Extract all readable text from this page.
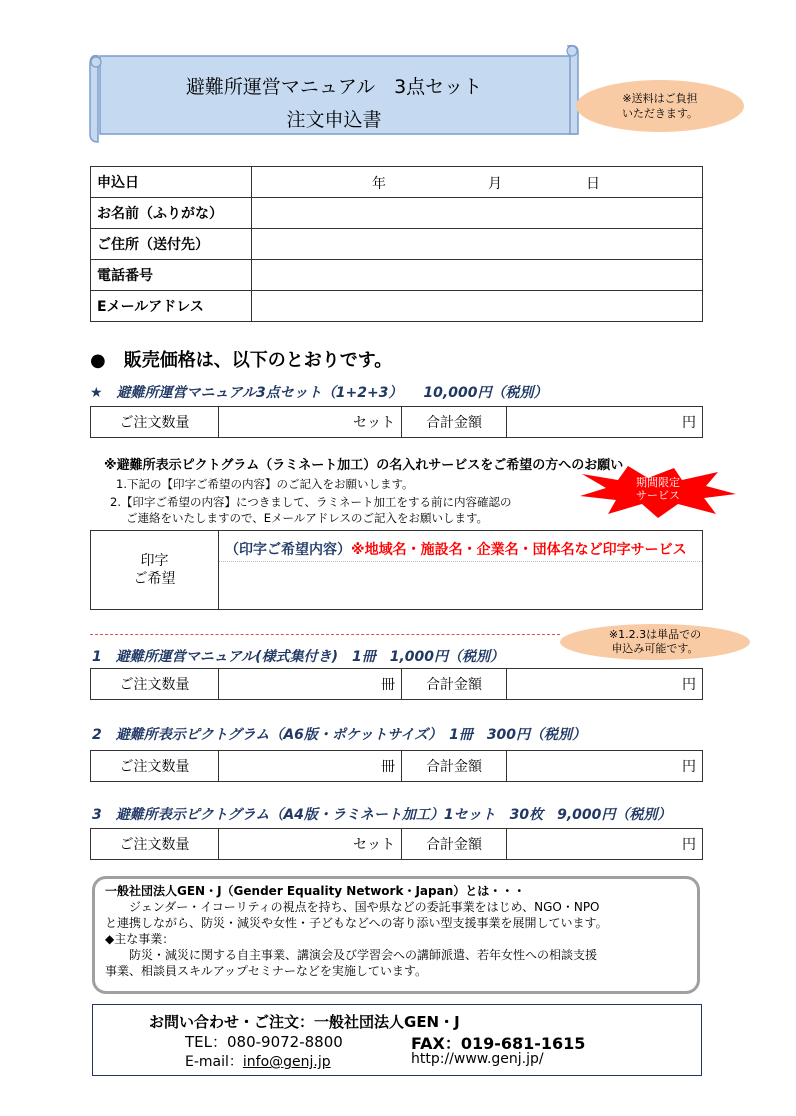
避難所運営マニュアル　3点セット
注文申込書
※送料はご負担
いただきます。
申込日	年 月 日

お名前（ふりがな）	
ご住所（送付先）	
電話番号	
Eメールアドレス	
●　販売価格は、以下のとおりです。
★　避難所運営マニュアル3点セット（1+2+3）　　10,000円（税別）
ご注文数量	セット	合計金額	円
※避難所表示ピクトグラム（ラミネート加工）の名入れサービスをご希望の方へのお願い
1.下記の【印字ご希望の内容】のご記入をお願いします。
2.【印字ご希望の内容】につきまして、ラミネート加工をする前に内容確認の
ご連絡をいたしますので、Eメールアドレスのご記入をお願いします。
期間限定
サービス
印字
ご希望
	（印字ご希望内容）※地域名・施設名・企業名・団体名など印字サービス
※1.2.3は単品での
申込み可能です。
1　避難所運営マニュアル(様式集付き)　1冊　1,000円（税別）
ご注文数量	冊	合計金額	円
2　避難所表示ピクトグラム（A6版・ポケットサイズ）　1冊　300円（税別）
ご注文数量	冊	合計金額	円
3　避難所表示ピクトグラム（A4版・ラミネート加工）1セット　30枚　9,000円（税別）
ご注文数量	セット	合計金額	円
一般社団法人GEN・J（Gender Equality Network・Japan）とは・・・
ジェンダー・イコーリティの視点を持ち、国や県などの委託事業をはじめ、NGO・NPO
と連携しながら、防災・減災や女性・子どもなどへの寄り添い型支援事業を展開しています。
◆主な事業：
防災・減災に関する自主事業、講演会及び学習会への講師派遣、若年女性への相談支援
事業、相談員スキルアップセミナーなどを実施しています。
お問い合わせ・ご注文：一般社団法人GEN・J
TEL：080-9072-8800	FAX：019-681-1615
E-mail：info@genj.jp	http://www.genj.jp/
